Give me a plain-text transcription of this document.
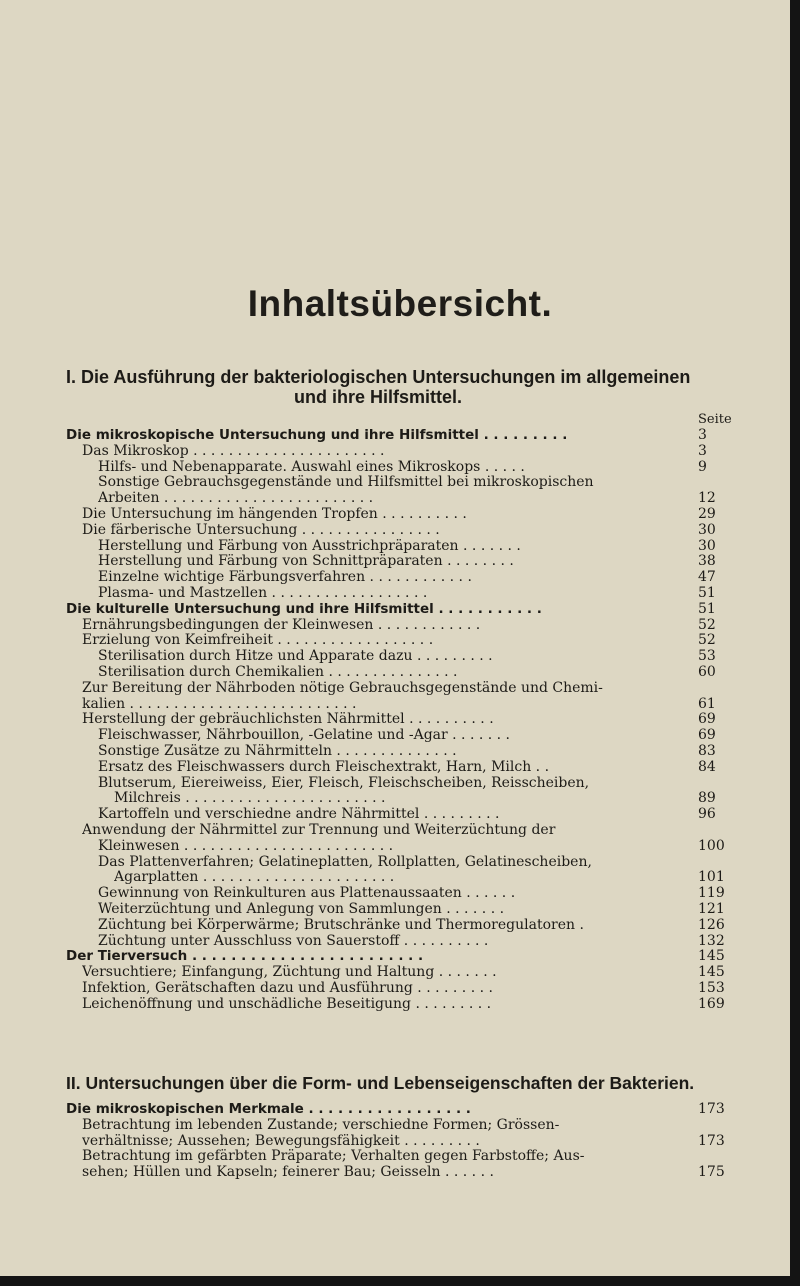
Inhaltsübersicht.
I. Die Ausführung der bakteriologischen Untersuchungen im allgemeinen
und ihre Hilfsmittel.
Seite
Die mikroskopische Untersuchung und ihre Hilfsmittel . . . . . . . . .	3
Das Mikroskop . . . . . . . . . . . . . . . . . . . . . .	3
Hilfs- und Nebenapparate. Auswahl eines Mikroskops . . . . .	9
Sonstige Gebrauchsgegenstände und Hilfsmittel bei mikroskopischen
Arbeiten . . . . . . . . . . . . . . . . . . . . . . . .	12
Die Untersuchung im hängenden Tropfen . . . . . . . . . .	29
Die färberische Untersuchung . . . . . . . . . . . . . . . .	30
Herstellung und Färbung von Ausstrichpräparaten . . . . . . .	30
Herstellung und Färbung von Schnittpräparaten . . . . . . . .	38
Einzelne wichtige Färbungsverfahren . . . . . . . . . . . .	47
Plasma- und Mastzellen . . . . . . . . . . . . . . . . . .	51
Die kulturelle Untersuchung und ihre Hilfsmittel . . . . . . . . . . .	51
Ernährungsbedingungen der Kleinwesen . . . . . . . . . . . .	52
Erzielung von Keimfreiheit . . . . . . . . . . . . . . . . . .	52
Sterilisation durch Hitze und Apparate dazu . . . . . . . . .	53
Sterilisation durch Chemikalien . . . . . . . . . . . . . . .	60
Zur Bereitung der Nährboden nötige Gebrauchsgegenstände und Chemi-
kalien . . . . . . . . . . . . . . . . . . . . . . . . . .	61
Herstellung der gebräuchlichsten Nährmittel . . . . . . . . . .	69
Fleischwasser, Nährbouillon, -Gelatine und -Agar . . . . . . .	69
Sonstige Zusätze zu Nährmitteln . . . . . . . . . . . . . .	83
Ersatz des Fleischwassers durch Fleischextrakt, Harn, Milch . .	84
Blutserum, Eiereiweiss, Eier, Fleisch, Fleischscheiben, Reisscheiben,
Milchreis . . . . . . . . . . . . . . . . . . . . . . .	89
Kartoffeln und verschiedne andre Nährmittel . . . . . . . . .	96
Anwendung der Nährmittel zur Trennung und Weiterzüchtung der
Kleinwesen . . . . . . . . . . . . . . . . . . . . . . . .	100
Das Plattenverfahren; Gelatineplatten, Rollplatten, Gelatinescheiben,
Agarplatten . . . . . . . . . . . . . . . . . . . . . .	101
Gewinnung von Reinkulturen aus Plattenaussaaten . . . . . .	119
Weiterzüchtung und Anlegung von Sammlungen . . . . . . .	121
Züchtung bei Körperwärme; Brutschränke und Thermoregulatoren .	126
Züchtung unter Ausschluss von Sauerstoff . . . . . . . . . .	132
Der Tierversuch . . . . . . . . . . . . . . . . . . . . . . . .	145
Versuchtiere; Einfangung, Züchtung und Haltung . . . . . . .	145
Infektion, Gerätschaften dazu und Ausführung . . . . . . . . .	153
Leichenöffnung und unschädliche Beseitigung . . . . . . . . .	169
II. Untersuchungen über die Form- und Lebenseigenschaften der Bakterien.
Die mikroskopischen Merkmale . . . . . . . . . . . . . . . . .	173
Betrachtung im lebenden Zustande; verschiedne Formen; Grössen-
verhältnisse; Aussehen; Bewegungsfähigkeit . . . . . . . . .	173
Betrachtung im gefärbten Präparate; Verhalten gegen Farbstoffe; Aus-
sehen; Hüllen und Kapseln; feinerer Bau; Geisseln . . . . . .	175
